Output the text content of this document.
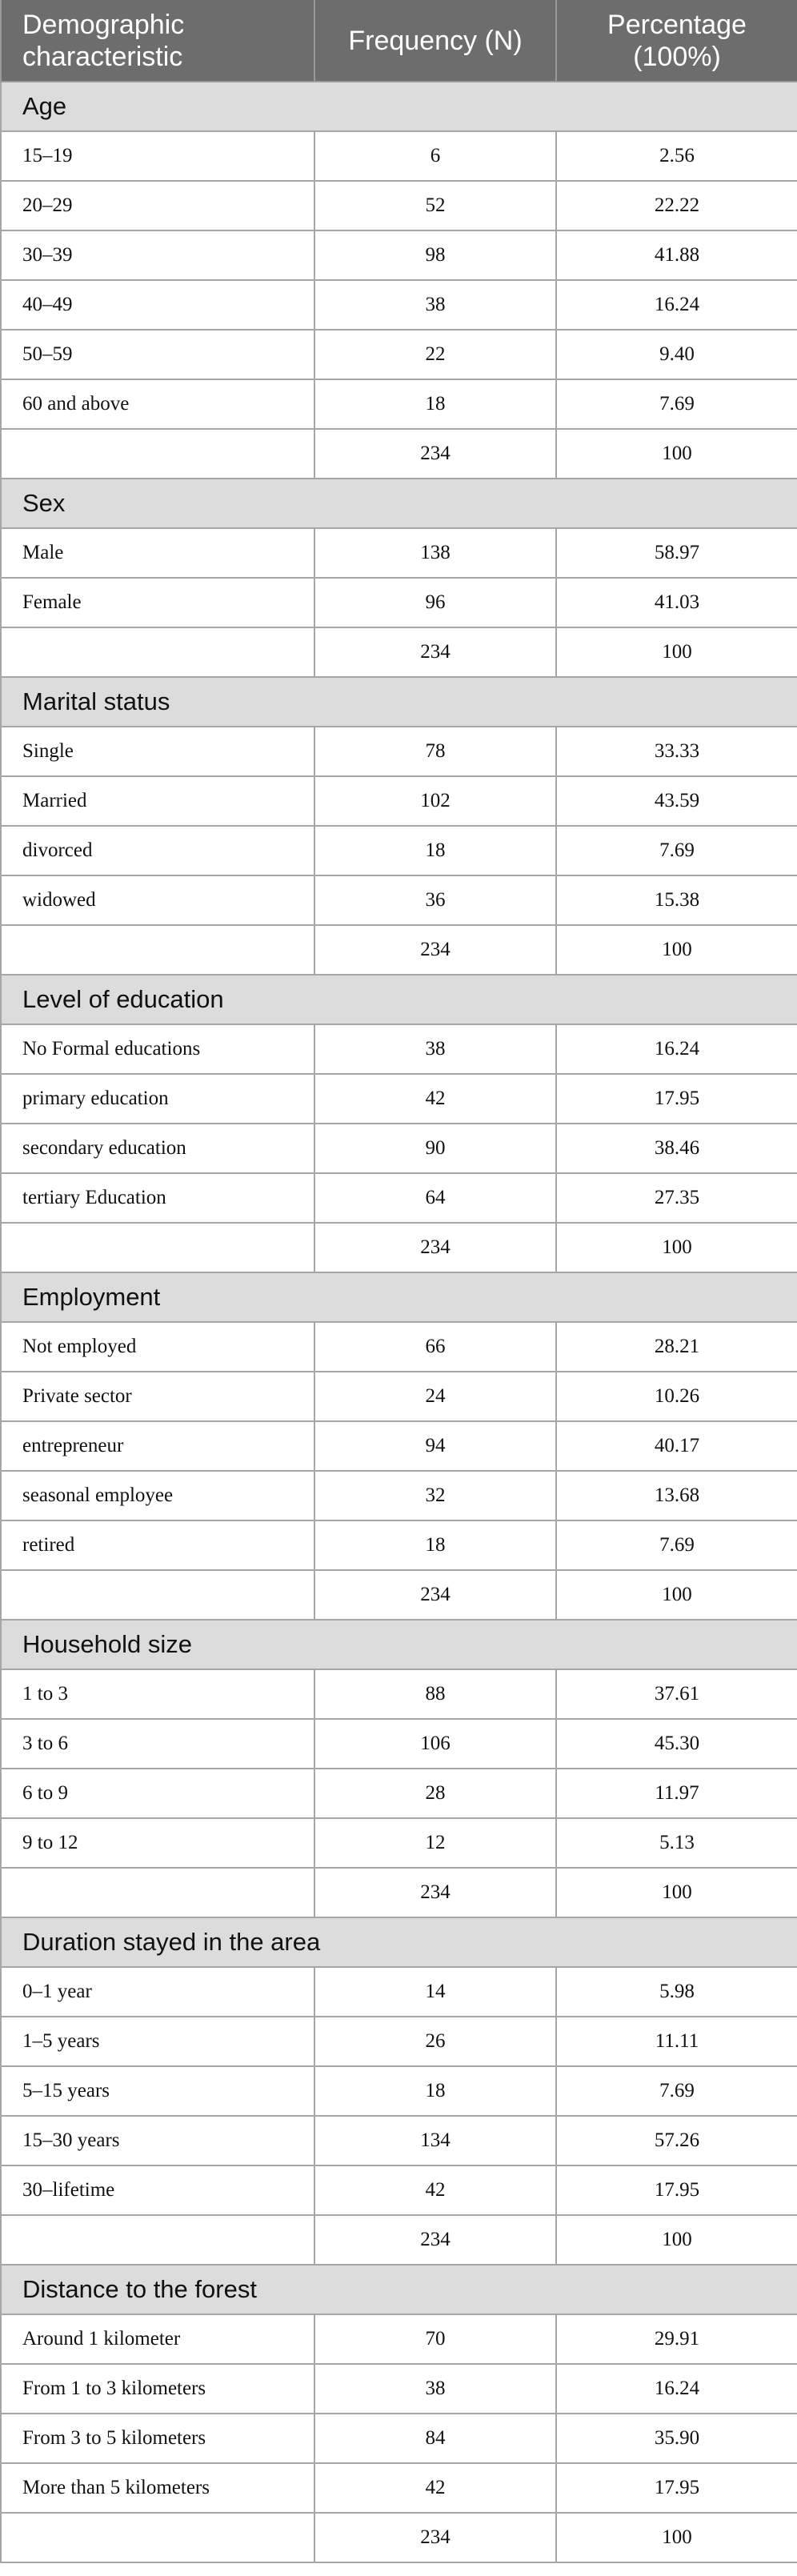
Demographic characteristic	Frequency (N)	Percentage (100%)
Age		
15–19	6	2.56
20–29	52	22.22
30–39	98	41.88
40–49	38	16.24
50–59	22	9.40
60 and above	18	7.69
	234	100
Sex		
Male	138	58.97
Female	96	41.03
	234	100
Marital status		
Single	78	33.33
Married	102	43.59
divorced	18	7.69
widowed	36	15.38
	234	100
Level of education		
No Formal educations	38	16.24
primary education	42	17.95
secondary education	90	38.46
tertiary Education	64	27.35
	234	100
Employment		
Not employed	66	28.21
Private sector	24	10.26
entrepreneur	94	40.17
seasonal employee	32	13.68
retired	18	7.69
	234	100
Household size		
1 to 3	88	37.61
3 to 6	106	45.30
6 to 9	28	11.97
9 to 12	12	5.13
	234	100
Duration stayed in the area		
0–1 year	14	5.98
1–5 years	26	11.11
5–15 years	18	7.69
15–30 years	134	57.26
30–lifetime	42	17.95
	234	100
Distance to the forest		
Around 1 kilometer	70	29.91
From 1 to 3 kilometers	38	16.24
From 3 to 5 kilometers	84	35.90
More than 5 kilometers	42	17.95
	234	100
